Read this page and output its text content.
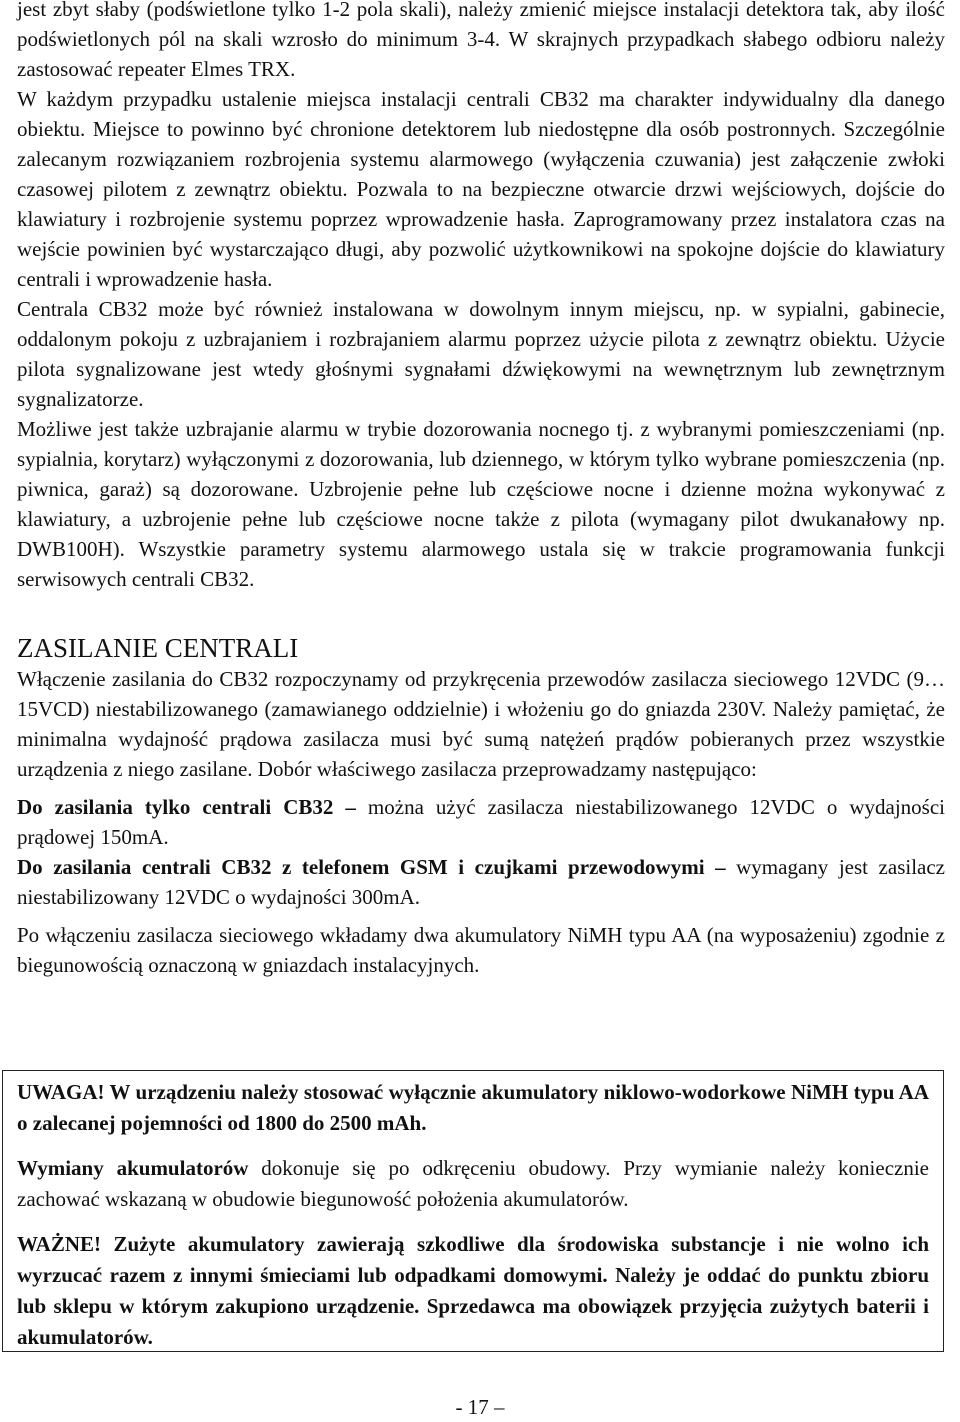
jest zbyt słaby (podświetlone tylko 1-2 pola skali), należy zmienić miejsce instalacji detektora tak, aby ilość podświetlonych pól na skali wzrosło do minimum 3-4. W skrajnych przypadkach słabego odbioru należy zastosować repeater Elmes TRX.

W każdym przypadku ustalenie miejsca instalacji centrali CB32 ma charakter indywidualny dla danego obiektu. Miejsce to powinno być chronione detektorem lub niedostępne dla osób postronnych. Szczególnie zalecanym rozwiązaniem rozbrojenia systemu alarmowego (wyłączenia czuwania) jest załączenie zwłoki czasowej pilotem z zewnątrz obiektu. Pozwala to na bezpieczne otwarcie drzwi wejściowych, dojście do klawiatury i rozbrojenie systemu poprzez wprowadzenie hasła. Zaprogramowany przez instalatora czas na wejście powinien być wystarczająco długi, aby pozwolić użytkownikowi na spokojne dojście do klawiatury centrali i wprowadzenie hasła.

Centrala CB32 może być również instalowana w dowolnym innym miejscu, np. w sypialni, gabinecie, oddalonym pokoju z uzbrajaniem i rozbrajaniem alarmu poprzez użycie pilota z zewnątrz obiektu. Użycie pilota sygnalizowane jest wtedy głośnymi sygnałami dźwiękowymi na wewnętrznym lub zewnętrznym sygnalizatorze.

Możliwe jest także uzbrajanie alarmu w trybie dozorowania nocnego tj. z wybranymi pomieszczeniami (np. sypialnia, korytarz) wyłączonymi z dozorowania, lub dziennego, w którym tylko wybrane pomieszczenia (np. piwnica, garaż) są dozorowane. Uzbrojenie pełne lub częściowe nocne i dzienne można wykonywać z klawiatury, a uzbrojenie pełne lub częściowe nocne także z pilota (wymagany pilot dwukanałowy np. DWB100H). Wszystkie parametry systemu alarmowego ustala się w trakcie programowania funkcji serwisowych centrali CB32.

ZASILANIE CENTRALI

Włączenie zasilania do CB32 rozpoczynamy od przykręcenia przewodów zasilacza sieciowego 12VDC (9…15VCD) niestabilizowanego (zamawianego oddzielnie) i włożeniu go do gniazda 230V. Należy pamiętać, że minimalna wydajność prądowa zasilacza musi być sumą natężeń prądów pobieranych przez wszystkie urządzenia z niego zasilane. Dobór właściwego zasilacza przeprowadzamy następująco:

Do zasilania tylko centrali CB32 – można użyć zasilacza niestabilizowanego 12VDC o wydajności prądowej 150mA.

Do zasilania centrali CB32 z telefonem GSM i czujkami przewodowymi – wymagany jest zasilacz niestabilizowany 12VDC o wydajności 300mA.

Po włączeniu zasilacza sieciowego wkładamy dwa akumulatory NiMH typu AA (na wyposażeniu) zgodnie z biegunowością oznaczoną w gniazdach instalacyjnych.

UWAGA! W urządzeniu należy stosować wyłącznie akumulatory niklowo-wodorkowe NiMH typu AA o zalecanej pojemności od 1800 do 2500 mAh.

Wymiany akumulatorów dokonuje się po odkręceniu obudowy. Przy wymianie należy koniecznie zachować wskazaną w obudowie biegunowość położenia akumulatorów.

WAŻNE! Zużyte akumulatory zawierają szkodliwe dla środowiska substancje i nie wolno ich wyrzucać razem z innymi śmieciami lub odpadkami domowymi. Należy je oddać do punktu zbioru lub sklepu w którym zakupiono urządzenie. Sprzedawca ma obowiązek przyjęcia zużytych baterii i akumulatorów.

- 17 –
